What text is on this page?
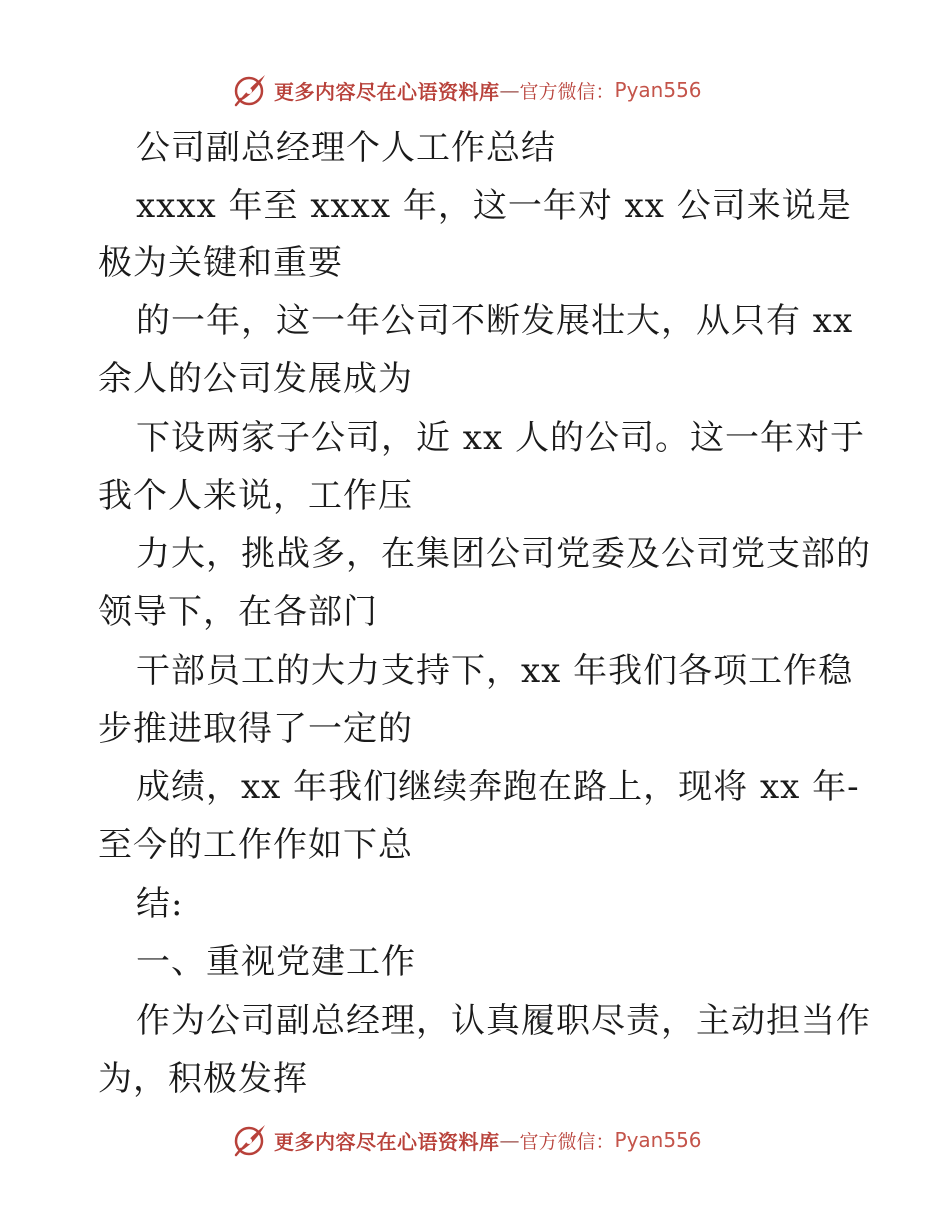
更多内容尽在心语资料库 — 官方微信： Pyan556
公司副总经理个人工作总结
xxxx 年至 xxxx 年，这一年对 xx 公司来说是
极为关键和重要
的一年，这一年公司不断发展壮大，从只有 xx
余人的公司发展成为
下设两家子公司，近 xx 人的公司。这一年对于
我个人来说，工作压
力大，挑战多，在集团公司党委及公司党支部的
领导下，在各部门
干部员工的大力支持下，xx 年我们各项工作稳
步推进取得了一定的
成绩，xx 年我们继续奔跑在路上，现将 xx 年-
至今的工作作如下总
结:
一、重视党建工作
作为公司副总经理，认真履职尽责，主动担当作
为，积极发挥
更多内容尽在心语资料库 — 官方微信： Pyan556
